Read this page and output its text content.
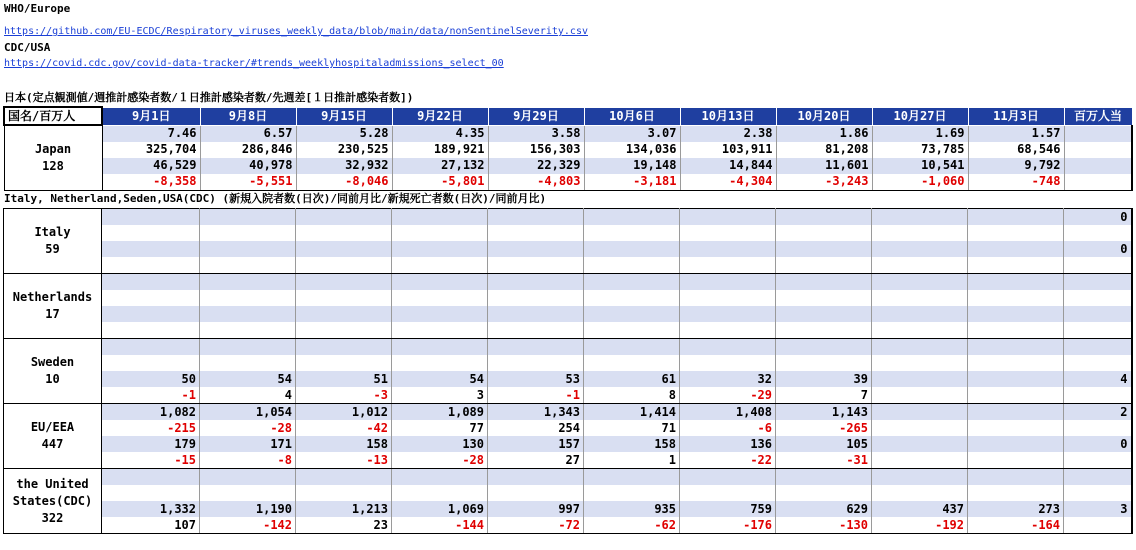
WHO/Europe
https://github.com/EU-ECDC/Respiratory_viruses_weekly_data/blob/main/data/nonSentinelSeverity.csv
CDC/USA
https://covid.cdc.gov/covid-data-tracker/#trends_weeklyhospitaladmissions_select_00
日本(定点観測値/週推計感染者数/１日推計感染者数/先週差[１日推計感染者数])
国名/百万人	9月1日	9月8日	9月15日	9月22日	9月29日	10月6日	10月13日	10月20日	10月27日	11月3日	百万人当

Japan
128	7.46	6.57	5.28	4.35	3.58	3.07	2.38	1.86	1.69	1.57	
	325,704	286,846	230,525	189,921	156,303	134,036	103,911	81,208	73,785	68,546	
	46,529	40,978	32,932	27,132	22,329	19,148	14,844	11,601	10,541	9,792	
	-8,358	-5,551	-8,046	-5,801	-4,803	-3,181	-4,304	-3,243	-1,060	-748	
Italy, Netherland,Seden,USA(CDC) (新規入院者数(日次)/同前月比/新規死亡者数(日次)/同前月比)
Italy
59											0

											0

Netherlands
17											

Sweden
10											

	50	54	51	54	53	61	32	39			4
	-1	4	-3	3	-1	8	-29	7			

EU/EEA
447	1,082	1,054	1,012	1,089	1,343	1,414	1,408	1,143			2
	-215	-28	-42	77	254	71	-6	-265			
	179	171	158	130	157	158	136	105			0
	-15	-8	-13	-28	27	1	-22	-31			

the United States(CDC)
322											

	1,332	1,190	1,213	1,069	997	935	759	629	437	273	3
	107	-142	23	-144	-72	-62	-176	-130	-192	-164	
